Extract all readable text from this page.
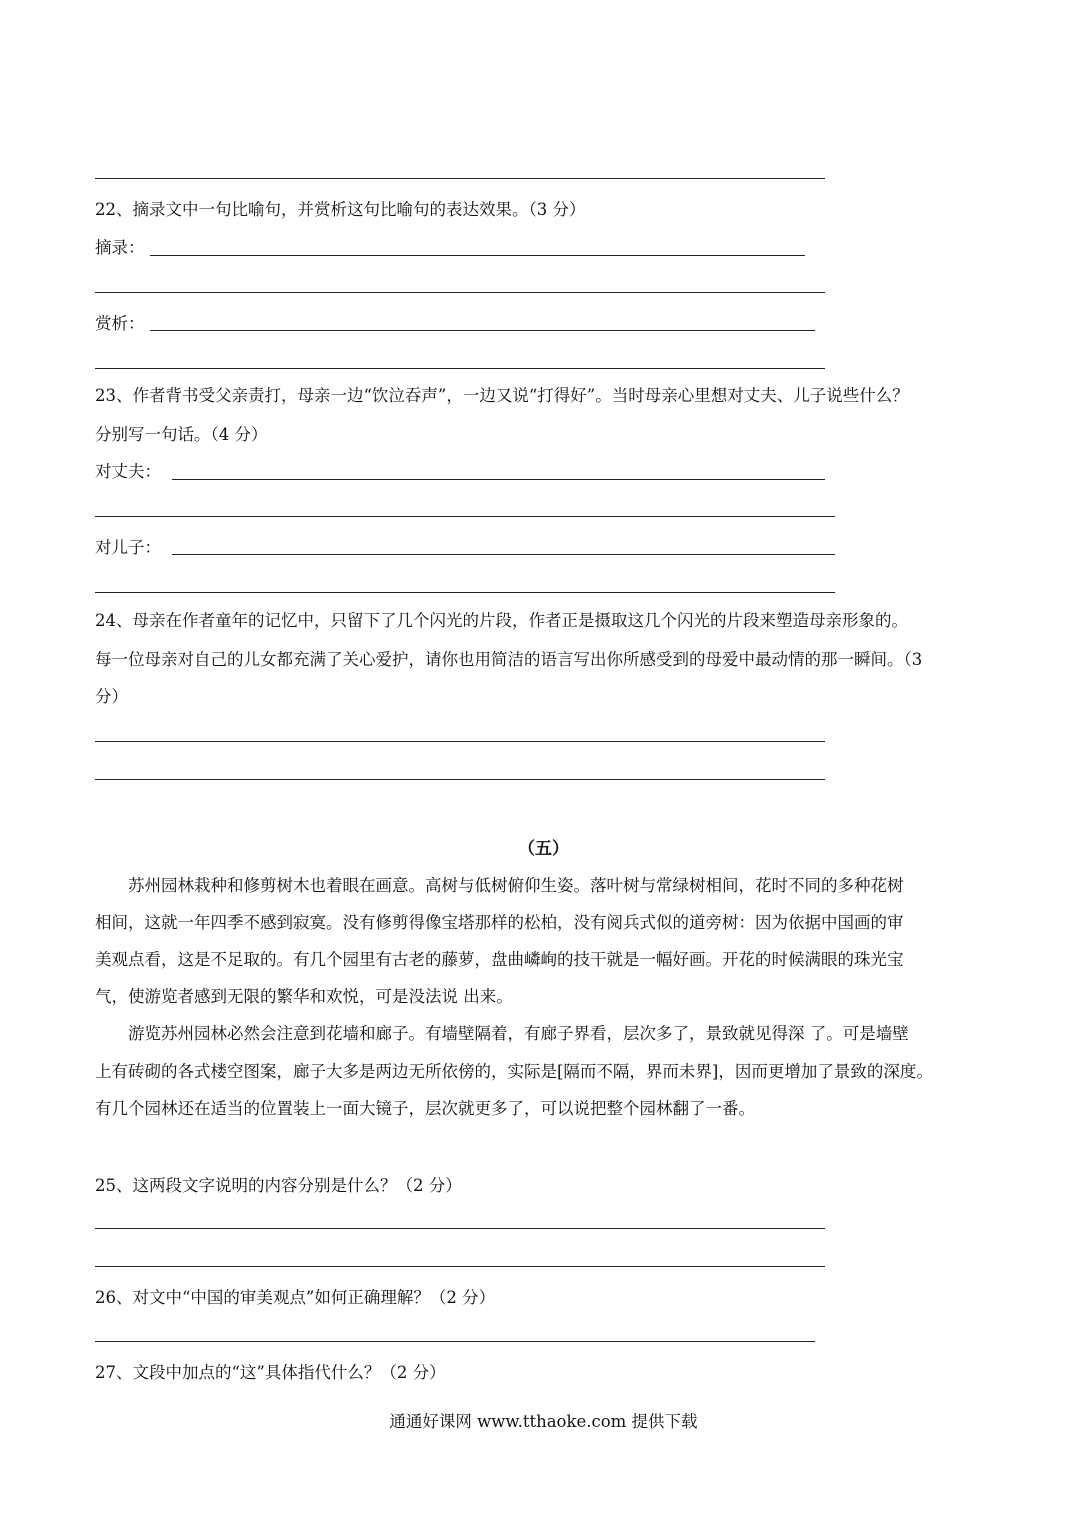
22、摘录文中一句比喻句，并赏析这句比喻句的表达效果。（3 分）
摘录：
赏析：
23、作者背书受父亲责打，母亲一边“饮泣吞声”，一边又说“打得好”。当时母亲心里想对丈夫、儿子说些什么？
分别写一句话。（4 分）
对丈夫：
对儿子：
24、母亲在作者童年的记忆中，只留下了几个闪光的片段，作者正是摄取这几个闪光的片段来塑造母亲形象的。
每一位母亲对自己的儿女都充满了关心爱护，请你也用简洁的语言写出你所感受到的母爱中最动情的那一瞬间。（3
分）
（五）
苏州园林栽种和修剪树木也着眼在画意。高树与低树俯仰生姿。落叶树与常绿树相间，花时不同的多种花树
相间，这就一年四季不感到寂寞。没有修剪得像宝塔那样的松柏，没有阅兵式似的道旁树：因为依据中国画的审
美观点看，这是不足取的。有几个园里有古老的藤萝，盘曲嶙峋的技干就是一幅好画。开花的时候满眼的珠光宝
气，使游览者感到无限的繁华和欢悦，可是没法说 出来。
游览苏州园林必然会注意到花墙和廊子。有墙壁隔着，有廊子界看，层次多了，景致就见得深 了。可是墙壁
上有砖砌的各式楼空图案，廊子大多是两边无所依傍的，实际是[隔而不隔，界而未界]，因而更增加了景致的深度。
有几个园林还在适当的位置装上一面大镜子，层次就更多了，可以说把整个园林翻了一番。
25、这两段文字说明的内容分别是什么？（2 分）
26、对文中“中国的审美观点”如何正确理解？（2 分）
27、文段中加点的“这”具体指代什么？（2 分）
通通好课网 www.tthaoke.com 提供下载
